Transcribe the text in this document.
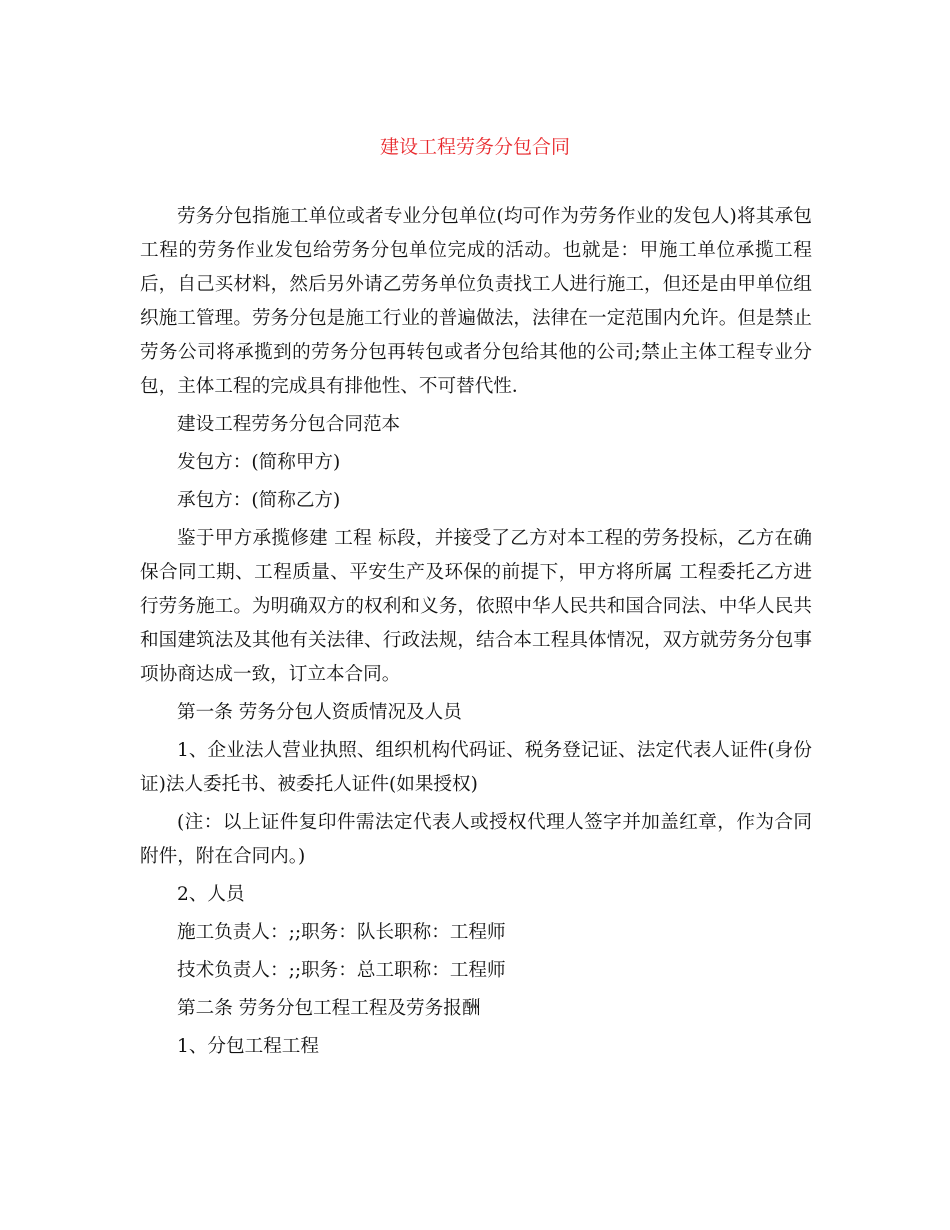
建设工程劳务分包合同

劳务分包指施工单位或者专业分包单位(均可作为劳务作业的发包人)将其承包工程的劳务作业发包给劳务分包单位完成的活动。也就是：甲施工单位承揽工程后，自己买材料，然后另外请乙劳务单位负责找工人进行施工，但还是由甲单位组织施工管理。劳务分包是施工行业的普遍做法，法律在一定范围内允许。但是禁止劳务公司将承揽到的劳务分包再转包或者分包给其他的公司;禁止主体工程专业分包，主体工程的完成具有排他性、不可替代性．

建设工程劳务分包合同范本

发包方：(简称甲方)

承包方：(简称乙方)

鉴于甲方承揽修建 工程 标段，并接受了乙方对本工程的劳务投标，乙方在确保合同工期、工程质量、平安生产及环保的前提下，甲方将所属 工程委托乙方进行劳务施工。为明确双方的权利和义务，依照中华人民共和国合同法、中华人民共和国建筑法及其他有关法律、行政法规，结合本工程具体情况，双方就劳务分包事项协商达成一致，订立本合同。

第一条 劳务分包人资质情况及人员

1、企业法人营业执照、组织机构代码证、税务登记证、法定代表人证件(身份证)法人委托书、被委托人证件(如果授权)

(注：以上证件复印件需法定代表人或授权代理人签字并加盖红章，作为合同附件，附在合同内。)

2、人员

施工负责人：;;职务：队长职称：工程师

技术负责人：;;职务：总工职称：工程师

第二条 劳务分包工程工程及劳务报酬

1、分包工程工程
